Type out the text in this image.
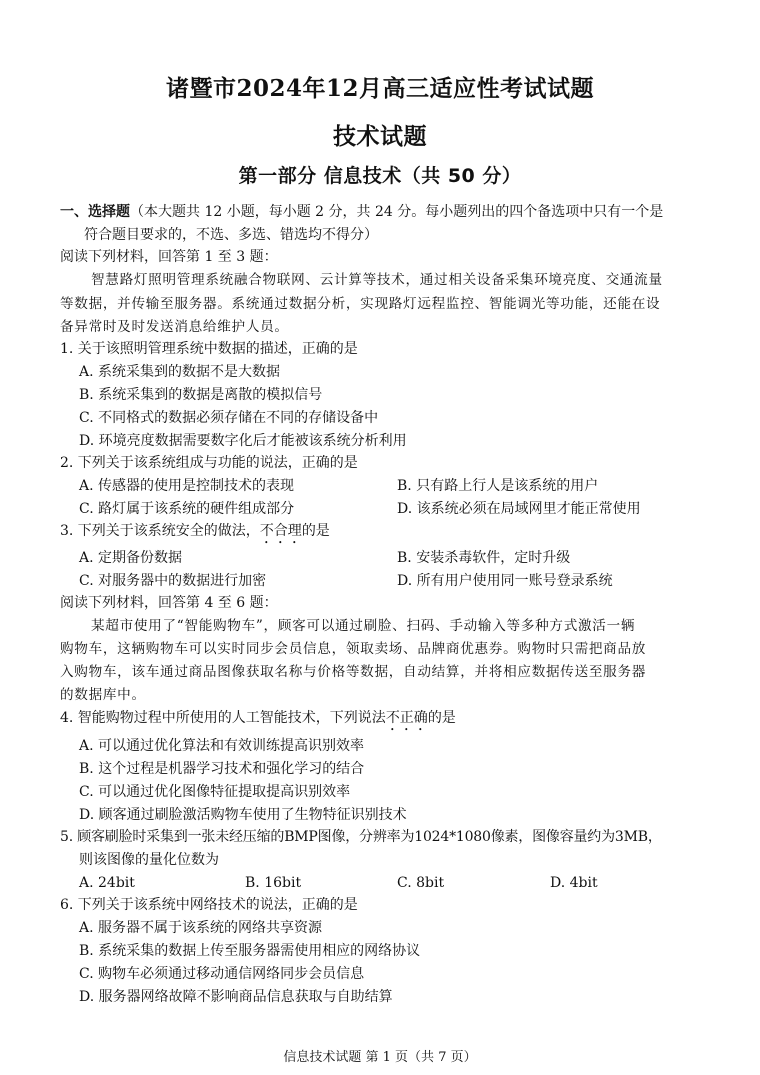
诸暨市2024年12月高三适应性考试试题
技术试题
第一部分 信息技术（共 50 分）
一、选择题（本大题共 12 小题，每小题 2 分，共 24 分。每小题列出的四个备选项中只有一个是
符合题目要求的，不选、多选、错选均不得分）
阅读下列材料，回答第 1 至 3 题：
智慧路灯照明管理系统融合物联网、云计算等技术，通过相关设备采集环境亮度、交通流量
等数据，并传输至服务器。系统通过数据分析，实现路灯远程监控、智能调光等功能，还能在设
备异常时及时发送消息给维护人员。
1. 关于该照明管理系统中数据的描述，正确的是
A. 系统采集到的数据不是大数据
B. 系统采集到的数据是离散的模拟信号
C. 不同格式的数据必须存储在不同的存储设备中
D. 环境亮度数据需要数字化后才能被该系统分析利用
2. 下列关于该系统组成与功能的说法，正确的是
A. 传感器的使用是控制技术的表现	B. 只有路上行人是该系统的用户
C. 路灯属于该系统的硬件组成部分	D. 该系统必须在局域网里才能正常使用
3. 下列关于该系统安全的做法，不合理的是
A. 定期备份数据	B. 安装杀毒软件，定时升级
C. 对服务器中的数据进行加密	D. 所有用户使用同一账号登录系统
阅读下列材料，回答第 4 至 6 题：
某超市使用了“智能购物车”，顾客可以通过刷脸、扫码、手动输入等多种方式激活一辆
购物车，这辆购物车可以实时同步会员信息，领取卖场、品牌商优惠券。购物时只需把商品放
入购物车，该车通过商品图像获取名称与价格等数据，自动结算，并将相应数据传送至服务器
的数据库中。
4. 智能购物过程中所使用的人工智能技术，下列说法不正确的是
A. 可以通过优化算法和有效训练提高识别效率
B. 这个过程是机器学习技术和强化学习的结合
C. 可以通过优化图像特征提取提高识别效率
D. 顾客通过刷脸激活购物车使用了生物特征识别技术
5. 顾客刷脸时采集到一张未经压缩的BMP图像，分辨率为1024*1080像素，图像容量约为3MB，
则该图像的量化位数为
A. 24bit	B. 16bit	C. 8bit	D. 4bit
6. 下列关于该系统中网络技术的说法，正确的是
A. 服务器不属于该系统的网络共享资源
B. 系统采集的数据上传至服务器需使用相应的网络协议
C. 购物车必须通过移动通信网络同步会员信息
D. 服务器网络故障不影响商品信息获取与自助结算
信息技术试题 第 1 页（共 7 页）
